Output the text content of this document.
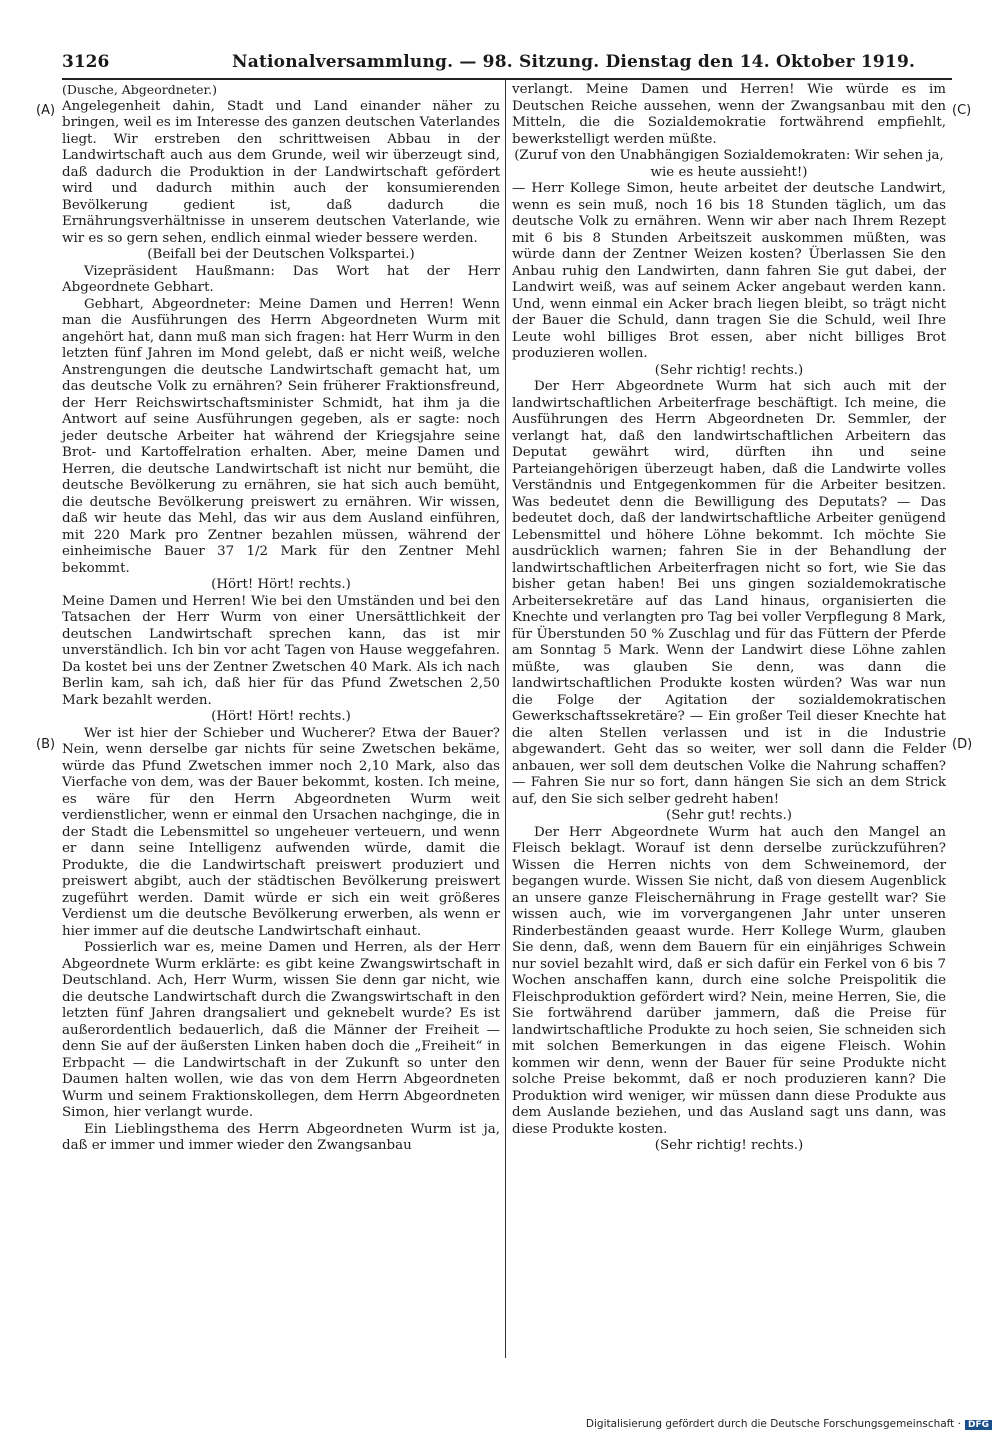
3126	Nationalversammlung. — 98. Sitzung. Dienstag den 14. Oktober 1919.
(A)
(B)
(C)
(D)

(Dusche, Abgeordneter.)

Angelegenheit dahin, Stadt und Land einander näher zu bringen, weil es im Interesse des ganzen deutschen Vaterlandes liegt. Wir erstreben den schrittweisen Abbau in der Landwirtschaft auch aus dem Grunde, weil wir überzeugt sind, daß dadurch die Produktion in der Landwirtschaft gefördert wird und dadurch mithin auch der konsumierenden Bevölkerung gedient ist, daß dadurch die Ernährungsverhältnisse in unserem deutschen Vaterlande, wie wir es so gern sehen, endlich einmal wieder bessere werden.

(Beifall bei der Deutschen Volkspartei.)

Vizepräsident Haußmann: Das Wort hat der Herr Abgeordnete Gebhart.

Gebhart, Abgeordneter: Meine Damen und Herren! Wenn man die Ausführungen des Herrn Abgeordneten Wurm mit angehört hat, dann muß man sich fragen: hat Herr Wurm in den letzten fünf Jahren im Mond gelebt, daß er nicht weiß, welche Anstrengungen die deutsche Landwirtschaft gemacht hat, um das deutsche Volk zu ernähren? Sein früherer Fraktionsfreund, der Herr Reichswirtschaftsminister Schmidt, hat ihm ja die Antwort auf seine Ausführungen gegeben, als er sagte: noch jeder deutsche Arbeiter hat während der Kriegsjahre seine Brot- und Kartoffelration erhalten. Aber, meine Damen und Herren, die deutsche Landwirtschaft ist nicht nur bemüht, die deutsche Bevölkerung zu ernähren, sie hat sich auch bemüht, die deutsche Bevölkerung preiswert zu ernähren. Wir wissen, daß wir heute das Mehl, das wir aus dem Ausland einführen, mit 220 Mark pro Zentner bezahlen müssen, während der einheimische Bauer 37 1/2 Mark für den Zentner Mehl bekommt.

(Hört! Hört! rechts.)

Meine Damen und Herren! Wie bei den Umständen und bei den Tatsachen der Herr Wurm von einer Unersättlichkeit der deutschen Landwirtschaft sprechen kann, das ist mir unverständlich. Ich bin vor acht Tagen von Hause weggefahren. Da kostet bei uns der Zentner Zwetschen 40 Mark. Als ich nach Berlin kam, sah ich, daß hier für das Pfund Zwetschen 2,50 Mark bezahlt werden.

(Hört! Hört! rechts.)

Wer ist hier der Schieber und Wucherer? Etwa der Bauer? Nein, wenn derselbe gar nichts für seine Zwetschen bekäme, würde das Pfund Zwetschen immer noch 2,10 Mark, also das Vierfache von dem, was der Bauer bekommt, kosten. Ich meine, es wäre für den Herrn Abgeordneten Wurm weit verdienstlicher, wenn er einmal den Ursachen nachginge, die in der Stadt die Lebensmittel so ungeheuer verteuern, und wenn er dann seine Intelligenz aufwenden würde, damit die Produkte, die die Landwirtschaft preiswert produziert und preiswert abgibt, auch der städtischen Bevölkerung preiswert zugeführt werden. Damit würde er sich ein weit größeres Verdienst um die deutsche Bevölkerung erwerben, als wenn er hier immer auf die deutsche Landwirtschaft einhaut.

Possierlich war es, meine Damen und Herren, als der Herr Abgeordnete Wurm erklärte: es gibt keine Zwangswirtschaft in Deutschland. Ach, Herr Wurm, wissen Sie denn gar nicht, wie die deutsche Landwirtschaft durch die Zwangswirtschaft in den letzten fünf Jahren drangsaliert und geknebelt wurde? Es ist außerordentlich bedauerlich, daß die Männer der Freiheit — denn Sie auf der äußersten Linken haben doch die „Freiheit“ in Erbpacht — die Landwirtschaft in der Zukunft so unter den Daumen halten wollen, wie das von dem Herrn Abgeordneten Wurm und seinem Fraktionskollegen, dem Herrn Abgeordneten Simon, hier verlangt wurde.

Ein Lieblingsthema des Herrn Abgeordneten Wurm ist ja, daß er immer und immer wieder den Zwangsanbau

verlangt. Meine Damen und Herren! Wie würde es im Deutschen Reiche aussehen, wenn der Zwangsanbau mit den Mitteln, die die Sozialdemokratie fortwährend empfiehlt, bewerkstelligt werden müßte.

(Zuruf von den Unabhängigen Sozialdemokraten: Wir sehen ja, wie es heute aussieht!)

— Herr Kollege Simon, heute arbeitet der deutsche Landwirt, wenn es sein muß, noch 16 bis 18 Stunden täglich, um das deutsche Volk zu ernähren. Wenn wir aber nach Ihrem Rezept mit 6 bis 8 Stunden Arbeitszeit auskommen müßten, was würde dann der Zentner Weizen kosten? Überlassen Sie den Anbau ruhig den Landwirten, dann fahren Sie gut dabei, der Landwirt weiß, was auf seinem Acker angebaut werden kann. Und, wenn einmal ein Acker brach liegen bleibt, so trägt nicht der Bauer die Schuld, dann tragen Sie die Schuld, weil Ihre Leute wohl billiges Brot essen, aber nicht billiges Brot produzieren wollen.

(Sehr richtig! rechts.)

Der Herr Abgeordnete Wurm hat sich auch mit der landwirtschaftlichen Arbeiterfrage beschäftigt. Ich meine, die Ausführungen des Herrn Abgeordneten Dr. Semmler, der verlangt hat, daß den landwirtschaftlichen Arbeitern das Deputat gewährt wird, dürften ihn und seine Parteiangehörigen überzeugt haben, daß die Landwirte volles Verständnis und Entgegenkommen für die Arbeiter besitzen. Was bedeutet denn die Bewilligung des Deputats? — Das bedeutet doch, daß der landwirtschaftliche Arbeiter genügend Lebensmittel und höhere Löhne bekommt. Ich möchte Sie ausdrücklich warnen; fahren Sie in der Behandlung der landwirtschaftlichen Arbeiterfragen nicht so fort, wie Sie das bisher getan haben! Bei uns gingen sozialdemokratische Arbeitersekretäre auf das Land hinaus, organisierten die Knechte und verlangten pro Tag bei voller Verpflegung 8 Mark, für Überstunden 50 % Zuschlag und für das Füttern der Pferde am Sonntag 5 Mark. Wenn der Landwirt diese Löhne zahlen müßte, was glauben Sie denn, was dann die landwirtschaftlichen Produkte kosten würden? Was war nun die Folge der Agitation der sozialdemokratischen Gewerkschaftssekretäre? — Ein großer Teil dieser Knechte hat die alten Stellen verlassen und ist in die Industrie abgewandert. Geht das so weiter, wer soll dann die Felder anbauen, wer soll dem deutschen Volke die Nahrung schaffen? — Fahren Sie nur so fort, dann hängen Sie sich an dem Strick auf, den Sie sich selber gedreht haben!

(Sehr gut! rechts.)

Der Herr Abgeordnete Wurm hat auch den Mangel an Fleisch beklagt. Worauf ist denn derselbe zurückzuführen? Wissen die Herren nichts von dem Schweinemord, der begangen wurde. Wissen Sie nicht, daß von diesem Augenblick an unsere ganze Fleischernährung in Frage gestellt war? Sie wissen auch, wie im vorvergangenen Jahr unter unseren Rinderbeständen geaast wurde. Herr Kollege Wurm, glauben Sie denn, daß, wenn dem Bauern für ein einjähriges Schwein nur soviel bezahlt wird, daß er sich dafür ein Ferkel von 6 bis 7 Wochen anschaffen kann, durch eine solche Preispolitik die Fleischproduktion gefördert wird? Nein, meine Herren, Sie, die Sie fortwährend darüber jammern, daß die Preise für landwirtschaftliche Produkte zu hoch seien, Sie schneiden sich mit solchen Bemerkungen in das eigene Fleisch. Wohin kommen wir denn, wenn der Bauer für seine Produkte nicht solche Preise bekommt, daß er noch produzieren kann? Die Produktion wird weniger, wir müssen dann diese Produkte aus dem Auslande beziehen, und das Ausland sagt uns dann, was diese Produkte kosten.

(Sehr richtig! rechts.)

Digitalisierung gefördert durch die Deutsche Forschungsgemeinschaft · DFG
